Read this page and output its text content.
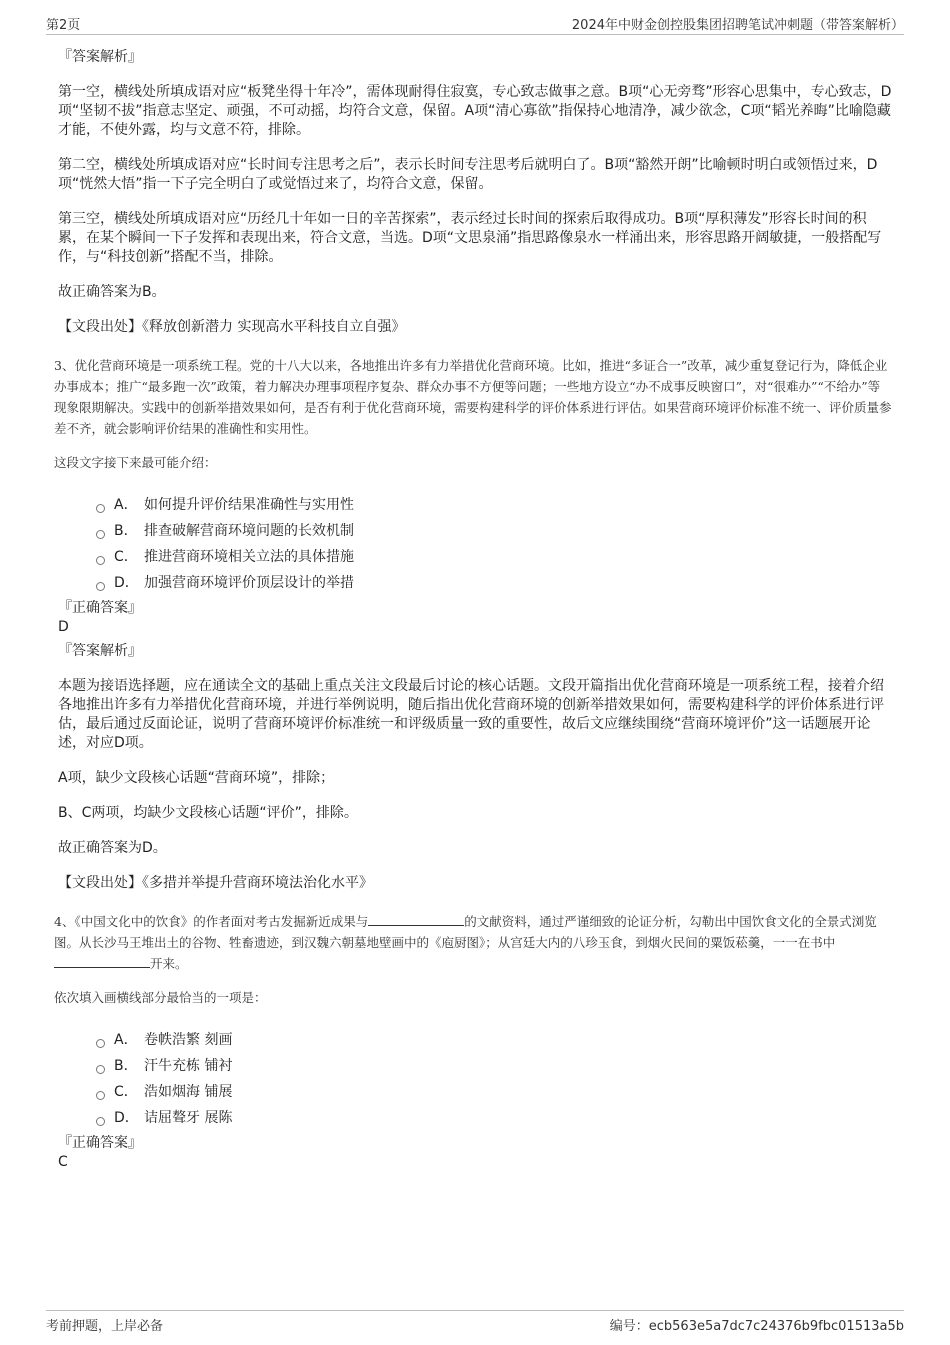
第2页	2024年中财金创控股集团招聘笔试冲刺题（带答案解析）
『答案解析』
第一空，横线处所填成语对应“板凳坐得十年冷”，需体现耐得住寂寞，专心致志做事之意。B项“心无旁骛”形容心思集中，专心致志，D项“坚韧不拔”指意志坚定、顽强，不可动摇，均符合文意，保留。A项“清心寡欲”指保持心地清净，减少欲念，C项“韬光养晦”比喻隐藏才能，不使外露，均与文意不符，排除。
第二空，横线处所填成语对应“长时间专注思考之后”，表示长时间专注思考后就明白了。B项“豁然开朗”比喻顿时明白或领悟过来，D项“恍然大悟”指一下子完全明白了或觉悟过来了，均符合文意，保留。
第三空，横线处所填成语对应“历经几十年如一日的辛苦探索”，表示经过长时间的探索后取得成功。B项“厚积薄发”形容长时间的积累，在某个瞬间一下子发挥和表现出来，符合文意，当选。D项“文思泉涌”指思路像泉水一样涌出来，形容思路开阔敏捷，一般搭配写作，与“科技创新”搭配不当，排除。
故正确答案为B。
【文段出处】《释放创新潜力 实现高水平科技自立自强》
3、优化营商环境是一项系统工程。党的十八大以来，各地推出许多有力举措优化营商环境。比如，推进“多证合一”改革，减少重复登记行为，降低企业办事成本；推广“最多跑一次”政策，着力解决办理事项程序复杂、群众办事不方便等问题；一些地方设立“办不成事反映窗口”，对“很难办”“不给办”等现象限期解决。实践中的创新举措效果如何，是否有利于优化营商环境，需要构建科学的评价体系进行评估。如果营商环境评价标准不统一、评价质量参差不齐，就会影响评价结果的准确性和实用性。
这段文字接下来最可能介绍：
A． 如何提升评价结果准确性与实用性
B． 排查破解营商环境问题的长效机制
C． 推进营商环境相关立法的具体措施
D． 加强营商环境评价顶层设计的举措
『正确答案』
D
『答案解析』
本题为接语选择题，应在通读全文的基础上重点关注文段最后讨论的核心话题。文段开篇指出优化营商环境是一项系统工程，接着介绍各地推出许多有力举措优化营商环境，并进行举例说明，随后指出优化营商环境的创新举措效果如何，需要构建科学的评价体系进行评估，最后通过反面论证，说明了营商环境评价标准统一和评级质量一致的重要性，故后文应继续围绕“营商环境评价”这一话题展开论述，对应D项。
A项，缺少文段核心话题“营商环境”，排除；
B、C两项，均缺少文段核心话题“评价”，排除。
故正确答案为D。
【文段出处】《多措并举提升营商环境法治化水平》
4、《中国文化中的饮食》的作者面对考古发掘新近成果与	的文献资料，通过严谨细致的论证分析，勾勒出中国饮食文化的全景式浏览图。从长沙马王堆出土的谷物、牲畜遗迹，到汉魏六朝墓地壁画中的《庖厨图》；从宫廷大内的八珍玉食，到烟火民间的粟饭菘羹，一一在书中开来。
依次填入画横线部分最恰当的一项是：
A． 卷帙浩繁 刻画
B． 汗牛充栋 铺衬
C． 浩如烟海 铺展
D． 诘屈聱牙 展陈
『正确答案』
C
考前押题，上岸必备	编号：ecb563e5a7dc7c24376b9fbc01513a5b
